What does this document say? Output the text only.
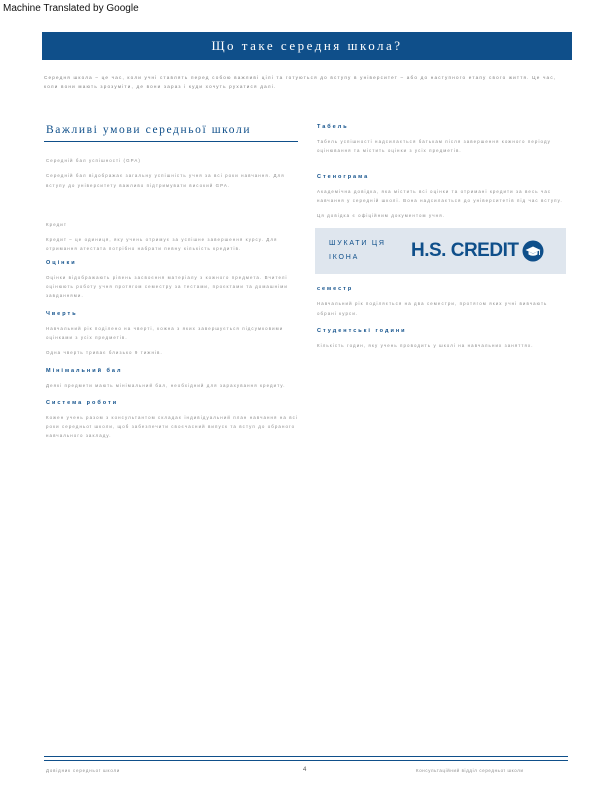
Machine Translated by Google
Що таке середня школа?
Середня школа – це час, коли учні ставлять перед собою важливі цілі та готуються до вступу в університет – або до наступного етапу свого життя. Це час, коли вони мають зрозуміти, де вони зараз і куди хочуть рухатися далі.
Важливі умови середньої школи
Середній бал успішності (GPA)
Середній бал відображає загальну успішність учня за всі роки навчання. Для вступу до університету важливо підтримувати високий GPA.
Кредит
Кредит – це одиниця, яку учень отримує за успішне завершення курсу. Для отримання атестата потрібно набрати певну кількість кредитів.
Оцінки
Оцінки відображають рівень засвоєння матеріалу з кожного предмета. Вчителі оцінюють роботу учня протягом семестру за тестами, проєктами та домашніми завданнями.
Чверть
Навчальний рік поділено на чверті, кожна з яких завершується підсумковими оцінками з усіх предметів.
Одна чверть триває близько 9 тижнів.
Мінімальний бал
Деякі предмети мають мінімальний бал, необхідний для зарахування кредиту.
Система роботи
Кожен учень разом з консультантом складає індивідуальний план навчання на всі роки середньої школи, щоб забезпечити своєчасний випуск та вступ до обраного навчального закладу.
Табель
Табель успішності надсилається батькам після завершення кожного періоду оцінювання та містить оцінки з усіх предметів.
Стенограма
Академічна довідка, яка містить всі оцінки та отримані кредити за весь час навчання у середній школі. Вона надсилається до університетів під час вступу.
Ця довідка є офіційним документом учня.
ШУКАТИ ЦЯ ІКОНА	H.S. CREDIT
семестр
Навчальний рік поділяється на два семестри, протягом яких учні вивчають обрані курси.
Студентські години
Кількість годин, яку учень проводить у школі на навчальних заняттях.
Довідник середньої школи	4	Консультаційний відділ середньої школи
